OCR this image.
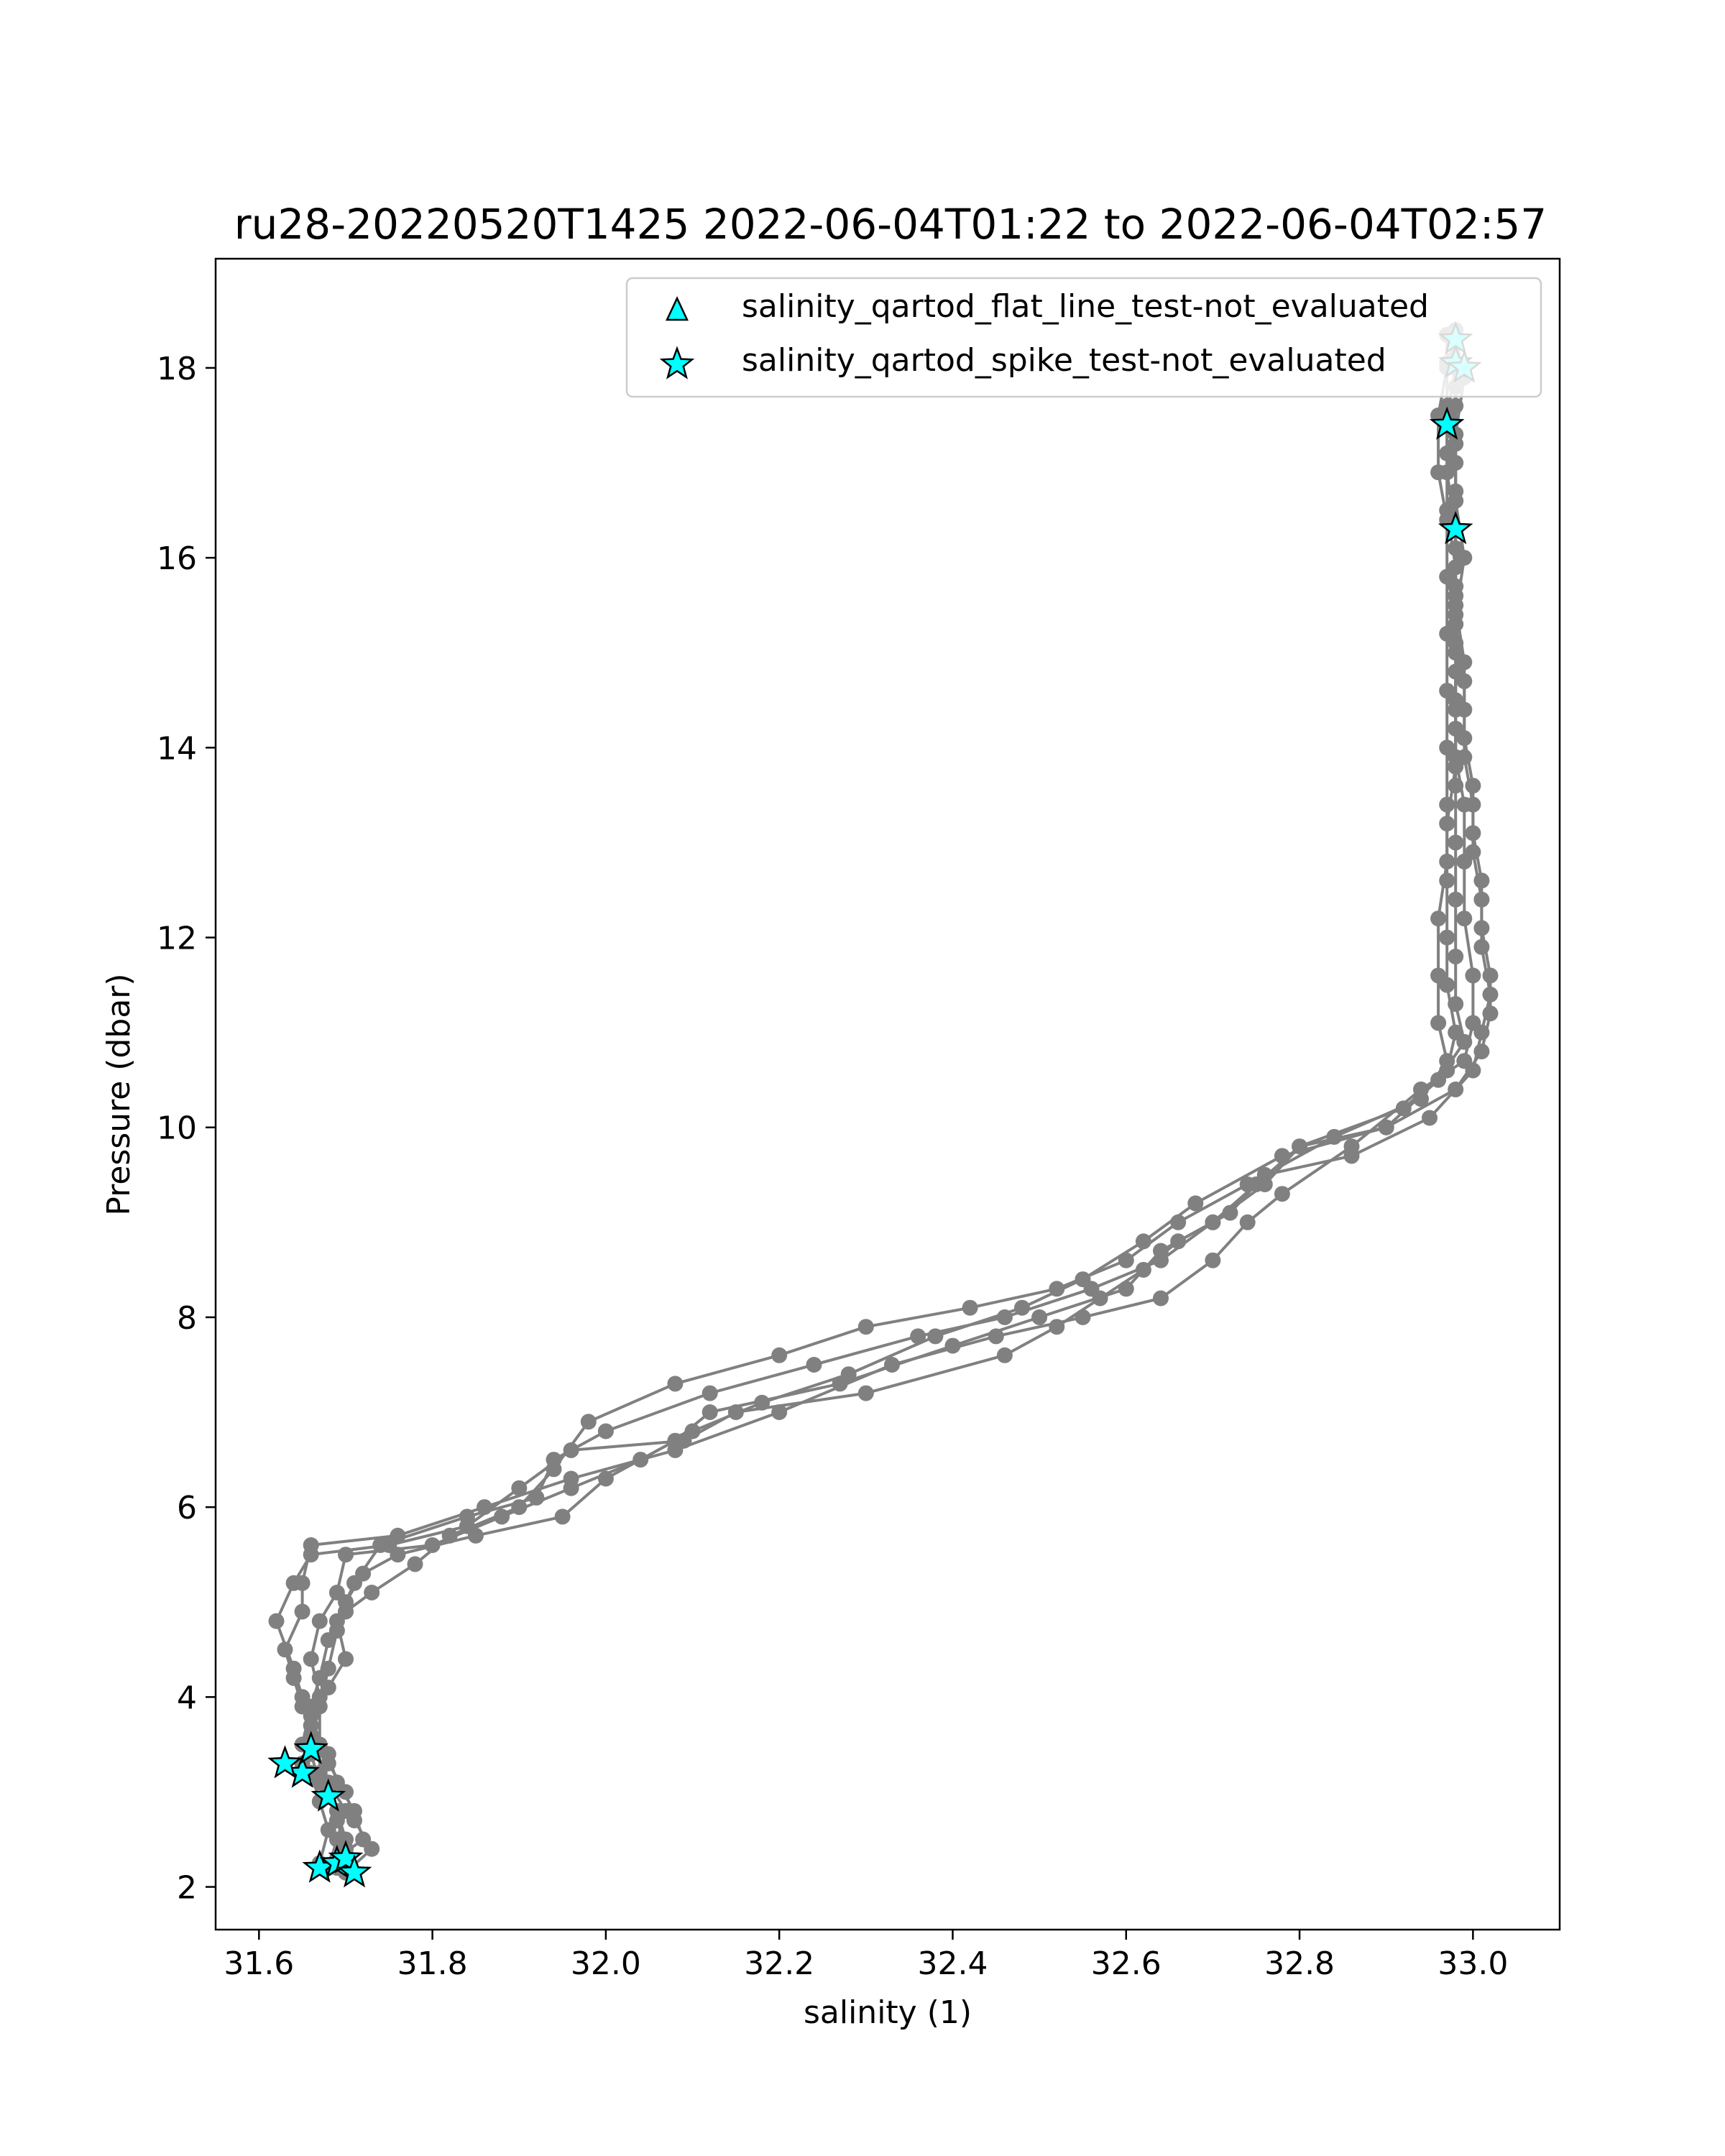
ru28-20220520T1425 2022-06-04T01:22 to 2022-06-04T02:57
31.6	31.8	32.0	32.2	32.4	32.6	32.8	33.0
2
4
6
8
10
12
14
16
18
salinity (1)
Pressure (dbar)
salinity_qartod_flat_line_test-not_evaluated
salinity_qartod_spike_test-not_evaluated
